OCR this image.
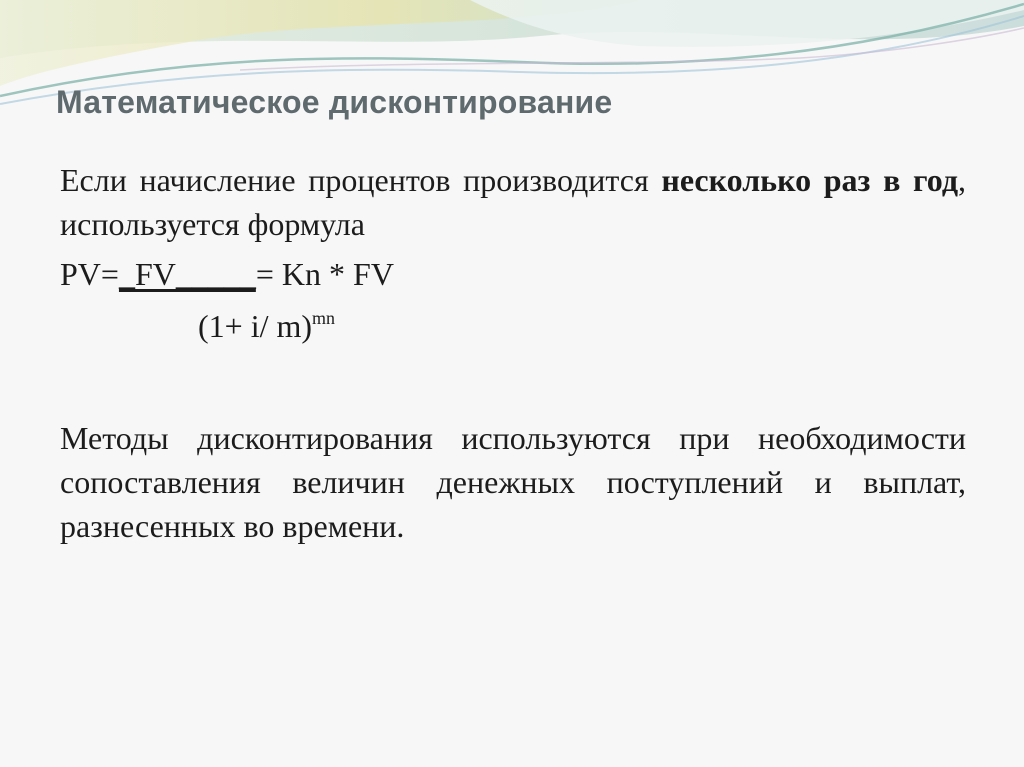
Математическое дисконтирование

Если начисление процентов производится несколько раз в год, используется формула

PV=_FV_____= Kn * FV
(1+ i/ m)$^{mn}$

Методы дисконтирования используются при необходимости сопоставления величин денежных поступлений и выплат, разнесенных во времени.
